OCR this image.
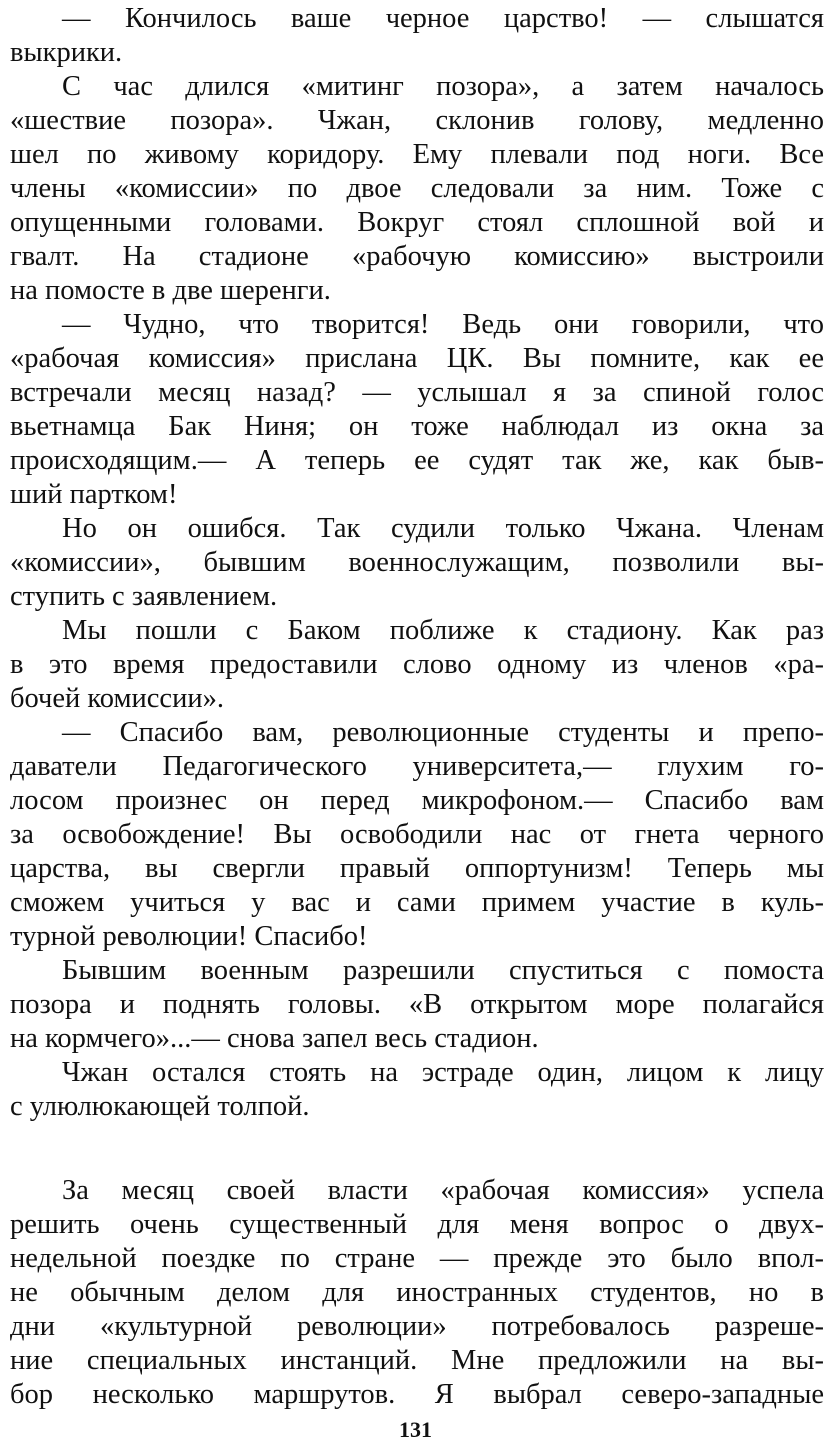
— Кончилось ваше черное царство! — слышатся
выкрики.
С час длился «митинг позора», а затем началось
«шествие позора». Чжан, склонив голову, медленно
шел по живому коридору. Ему плевали под ноги. Все
члены «комиссии» по двое следовали за ним. Тоже с
опущенными головами. Вокруг стоял сплошной вой и
гвалт. На стадионе «рабочую комиссию» выстроили
на помосте в две шеренги.
— Чудно, что творится! Ведь они говорили, что
«рабочая комиссия» прислана ЦК. Вы помните, как ее
встречали месяц назад? — услышал я за спиной голос
вьетнамца Бак Ниня; он тоже наблюдал из окна за
происходящим.— А теперь ее судят так же, как быв-
ший партком!
Но он ошибся. Так судили только Чжана. Членам
«комиссии», бывшим военнослужащим, позволили вы-
ступить с заявлением.
Мы пошли с Баком поближе к стадиону. Как раз
в это время предоставили слово одному из членов «ра-
бочей комиссии».
— Спасибо вам, революционные студенты и препо-
даватели Педагогического университета,— глухим го-
лосом произнес он перед микрофоном.— Спасибо вам
за освобождение! Вы освободили нас от гнета черного
царства, вы свергли правый оппортунизм! Теперь мы
сможем учиться у вас и сами примем участие в куль-
турной революции! Спасибо!
Бывшим военным разрешили спуститься с помоста
позора и поднять головы. «В открытом море полагайся
на кормчего»...— снова запел весь стадион.
Чжан остался стоять на эстраде один, лицом к лицу
с улюлюкающей толпой.
За месяц своей власти «рабочая комиссия» успела
решить очень существенный для меня вопрос о двух-
недельной поездке по стране — прежде это было впол-
не обычным делом для иностранных студентов, но в
дни «культурной революции» потребовалось разреше-
ние специальных инстанций. Мне предложили на вы-
бор несколько маршрутов. Я выбрал северо-западные
131
